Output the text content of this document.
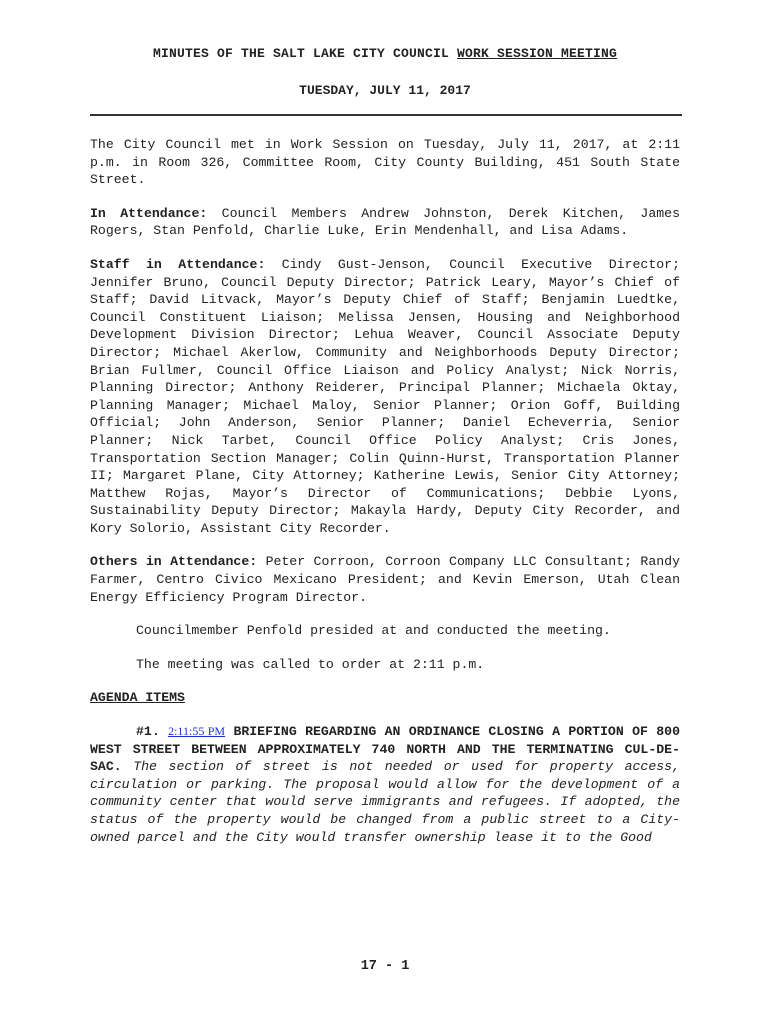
MINUTES OF THE SALT LAKE CITY COUNCIL WORK SESSION MEETING
TUESDAY, JULY 11, 2017

The City Council met in Work Session on Tuesday, July 11, 2017, at 2:11 p.m. in Room 326, Committee Room, City County Building, 451 South State Street.

In Attendance: Council Members Andrew Johnston, Derek Kitchen, James Rogers, Stan Penfold, Charlie Luke, Erin Mendenhall, and Lisa Adams.

Staff in Attendance: Cindy Gust-Jenson, Council Executive Director; Jennifer Bruno, Council Deputy Director; Patrick Leary, Mayor’s Chief of Staff; David Litvack, Mayor’s Deputy Chief of Staff; Benjamin Luedtke, Council Constituent Liaison; Melissa Jensen, Housing and Neighborhood Development Division Director; Lehua Weaver, Council Associate Deputy Director; Michael Akerlow, Community and Neighborhoods Deputy Director; Brian Fullmer, Council Office Liaison and Policy Analyst; Nick Norris, Planning Director; Anthony Reiderer, Principal Planner; Michaela Oktay, Planning Manager; Michael Maloy, Senior Planner; Orion Goff, Building Official; John Anderson, Senior Planner; Daniel Echeverria, Senior Planner; Nick Tarbet, Council Office Policy Analyst; Cris Jones, Transportation Section Manager; Colin Quinn-Hurst, Transportation Planner II; Margaret Plane, City Attorney; Katherine Lewis, Senior City Attorney; Matthew Rojas, Mayor’s Director of Communications; Debbie Lyons, Sustainability Deputy Director; Makayla Hardy, Deputy City Recorder, and Kory Solorio, Assistant City Recorder.

Others in Attendance: Peter Corroon, Corroon Company LLC Consultant; Randy Farmer, Centro Civico Mexicano President; and Kevin Emerson, Utah Clean Energy Efficiency Program Director.

Councilmember Penfold presided at and conducted the meeting.

The meeting was called to order at 2:11 p.m.

AGENDA ITEMS

#1. 2:11:55 PM BRIEFING REGARDING AN ORDINANCE CLOSING A PORTION OF 800 WEST STREET BETWEEN APPROXIMATELY 740 NORTH AND THE TERMINATING CUL-DE-SAC. The section of street is not needed or used for property access, circulation or parking. The proposal would allow for the development of a community center that would serve immigrants and refugees. If adopted, the status of the property would be changed from a public street to a City-owned parcel and the City would transfer ownership lease it to the Good

17 - 1
